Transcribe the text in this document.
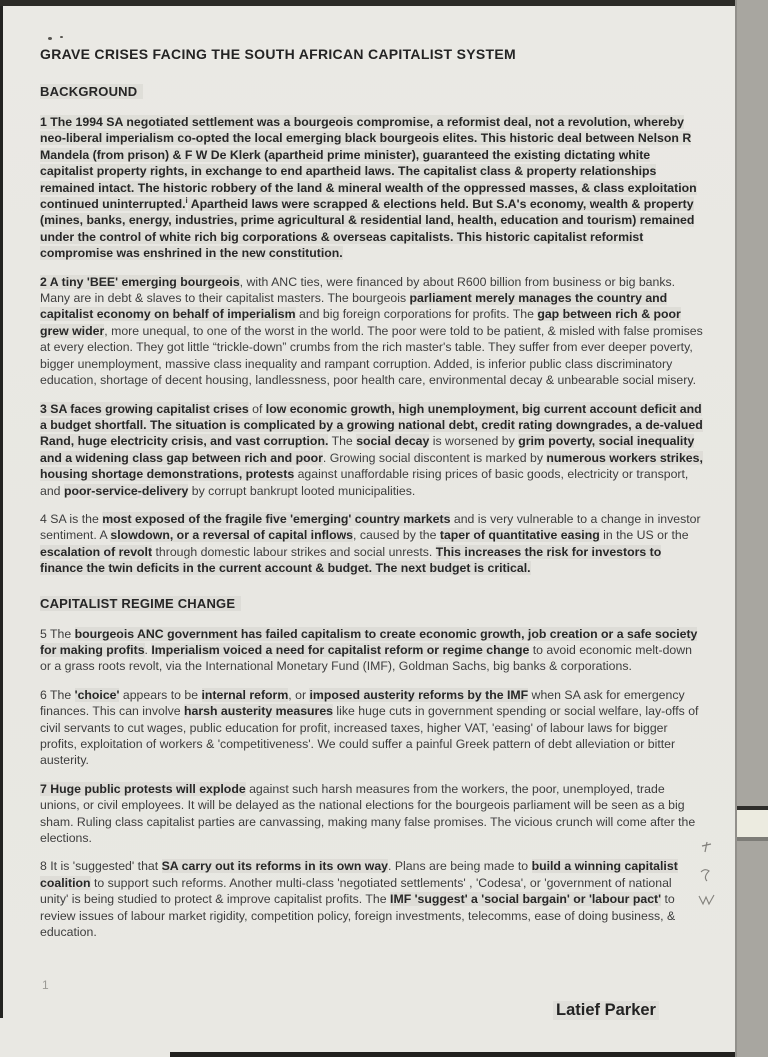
GRAVE CRISES FACING THE SOUTH AFRICAN CAPITALIST SYSTEM
BACKGROUND

1 The 1994 SA negotiated settlement was a bourgeois compromise, a reformist deal, not a revolution, whereby neo-liberal imperialism co-opted the local emerging black bourgeois elites. This historic deal between Nelson R Mandela (from prison) & F W De Klerk (apartheid prime minister), guaranteed the existing dictating white capitalist property rights, in exchange to end apartheid laws. The capitalist class & property relationships remained intact. The historic robbery of the land & mineral wealth of the oppressed masses, & class exploitation continued uninterrupted.$^i$ Apartheid laws were scrapped & elections held. But S.A's economy, wealth & property (mines, banks, energy, industries, prime agricultural & residential land, health, education and tourism) remained under the control of white rich big corporations & overseas capitalists. This historic capitalist reformist compromise was enshrined in the new constitution.

2 A tiny 'BEE' emerging bourgeois, with ANC ties, were financed by about R600 billion from business or big banks. Many are in debt & slaves to their capitalist masters. The bourgeois parliament merely manages the country and capitalist economy on behalf of imperialism and big foreign corporations for profits. The gap between rich & poor grew wider, more unequal, to one of the worst in the world. The poor were told to be patient, & misled with false promises at every election. They got little “trickle-down” crumbs from the rich master's table. They suffer from ever deeper poverty, bigger unemployment, massive class inequality and rampant corruption. Added, is inferior public class discriminatory education, shortage of decent housing, landlessness, poor health care, environmental decay & unbearable social misery.

3 SA faces growing capitalist crises of low economic growth, high unemployment, big current account deficit and a budget shortfall. The situation is complicated by a growing national debt, credit rating downgrades, a de-valued Rand, huge electricity crisis, and vast corruption. The social decay is worsened by grim poverty, social inequality and a widening class gap between rich and poor. Growing social discontent is marked by numerous workers strikes, housing shortage demonstrations, protests against unaffordable rising prices of basic goods, electricity or transport, and poor-service-delivery by corrupt bankrupt looted municipalities.

4 SA is the most exposed of the fragile five 'emerging' country markets and is very vulnerable to a change in investor sentiment. A slowdown, or a reversal of capital inflows, caused by the taper of quantitative easing in the US or the escalation of revolt through domestic labour strikes and social unrests. This increases the risk for investors to finance the twin deficits in the current account & budget. The next budget is critical.

CAPITALIST REGIME CHANGE

5 The bourgeois ANC government has failed capitalism to create economic growth, job creation or a safe society for making profits. Imperialism voiced a need for capitalist reform or regime change to avoid economic melt-down or a grass roots revolt, via the International Monetary Fund (IMF), Goldman Sachs, big banks & corporations.

6 The 'choice' appears to be internal reform, or imposed austerity reforms by the IMF when SA ask for emergency finances. This can involve harsh austerity measures like huge cuts in government spending or social welfare, lay-offs of civil servants to cut wages, public education for profit, increased taxes, higher VAT, 'easing' of labour laws for bigger profits, exploitation of workers & 'competitiveness'. We could suffer a painful Greek pattern of debt alleviation or bitter austerity.

7 Huge public protests will explode against such harsh measures from the workers, the poor, unemployed, trade unions, or civil employees. It will be delayed as the national elections for the bourgeois parliament will be seen as a big sham. Ruling class capitalist parties are canvassing, making many false promises. The vicious crunch will come after the elections.

8 It is 'suggested' that SA carry out its reforms in its own way. Plans are being made to build a winning capitalist coalition to support such reforms. Another multi-class 'negotiated settlements' , 'Codesa', or 'government of national unity' is being studied to protect & improve capitalist profits. The IMF 'suggest' a 'social bargain' or 'labour pact' to review issues of labour market rigidity, competition policy, foreign investments, telecomms, ease of doing business, & education.

1
Latief Parker
